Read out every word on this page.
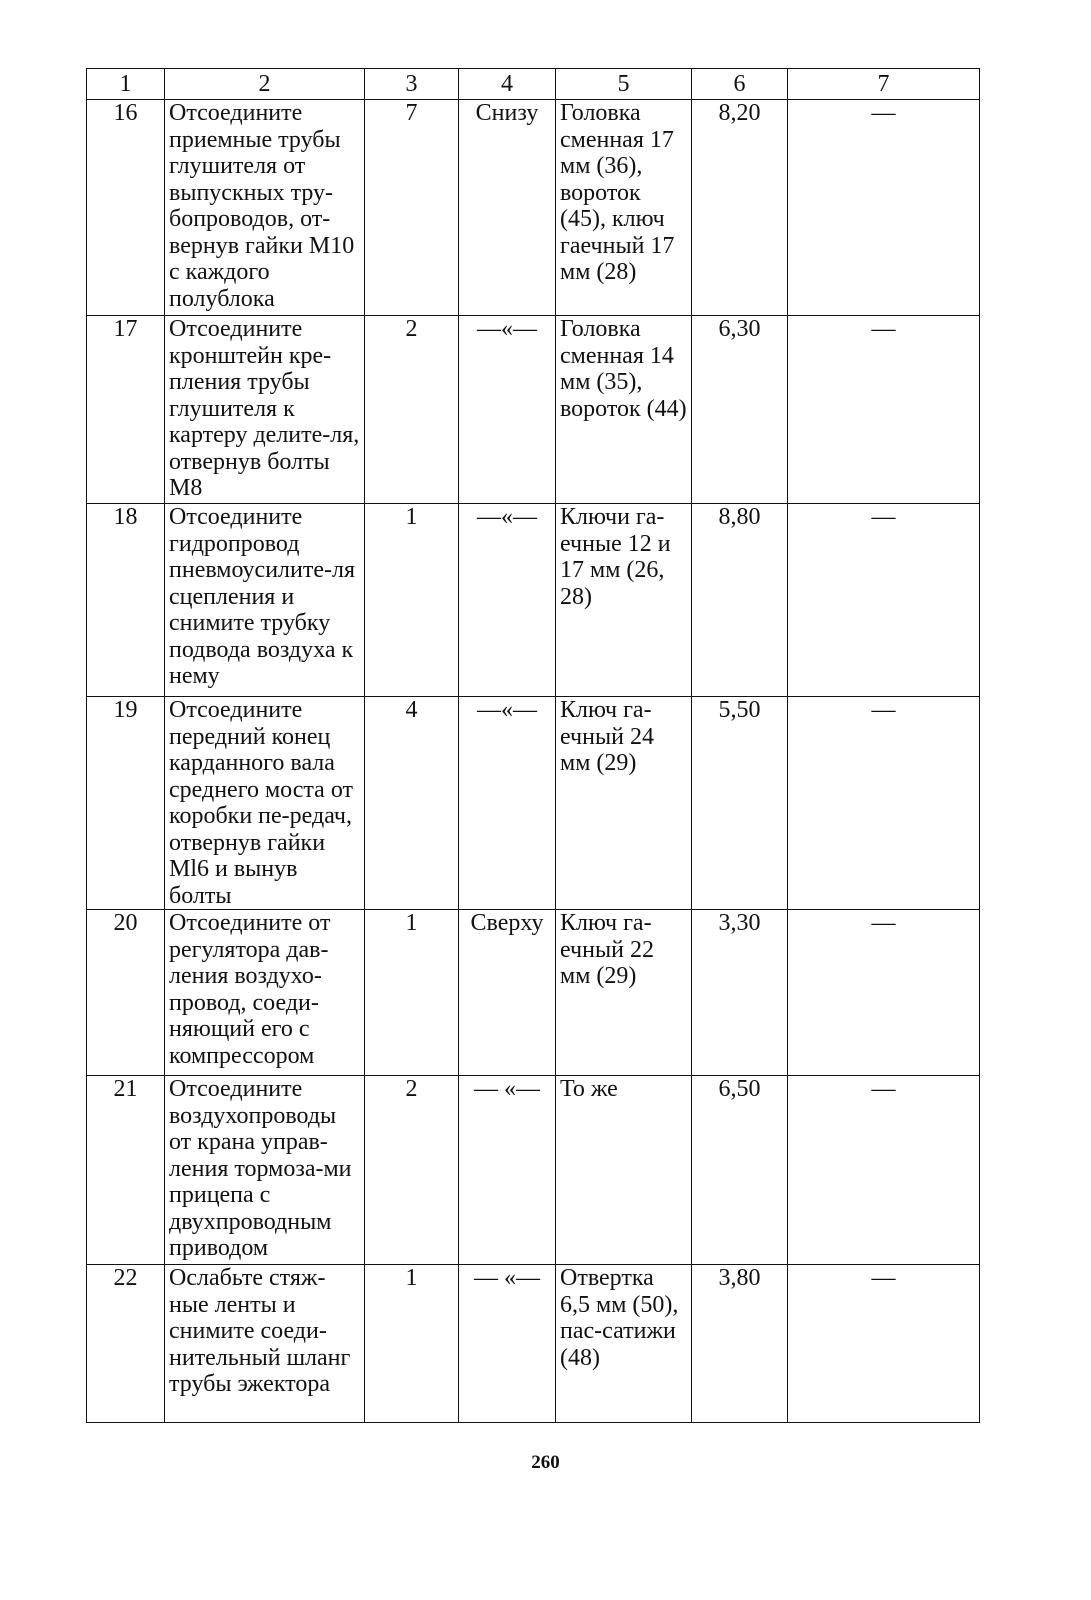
1	2	3	4	5	6	7
16	Отсоедините приемные трубы глушителя от выпускных тру-бопроводов, от-вернув гайки М10 с каждого полублока	7	Снизу	Головка сменная 17 мм (36), вороток (45), ключ гаечный 17 мм (28)	8,20	—
17	Отсоедините кронштейн кре-пления трубы глушителя к картеру делите-ля, отвернув болты М8	2	—«—	Головка сменная 14 мм (35), вороток (44)	6,30	—
18	Отсоедините гидропровод пневмоусилите-ля сцепления и снимите трубку подвода воздуха к нему	1	—«—	Ключи га-ечные 12 и 17 мм (26, 28)	8,80	—
19	Отсоедините передний конец карданного вала среднего моста от коробки пе-редач, отвернув гайки Ml6 и вынув болты	4	—«—	Ключ га-ечный 24 мм (29)	5,50	—
20	Отсоедините от регулятора дав-ления воздухо-провод, соеди-няющий его с компрессором	1	Сверху	Ключ га-ечный 22 мм (29)	3,30	—
21	Отсоедините воздухопроводы от крана управ-ления тормоза-ми прицепа с двухпроводным приводом	2	— «—	То же	6,50	—
22	Ослабьте стяж-ные ленты и снимите соеди-нительный шланг трубы эжектора	1	— «—	Отвертка 6,5 мм (50), пас-сатижи (48)	3,80	—
260
